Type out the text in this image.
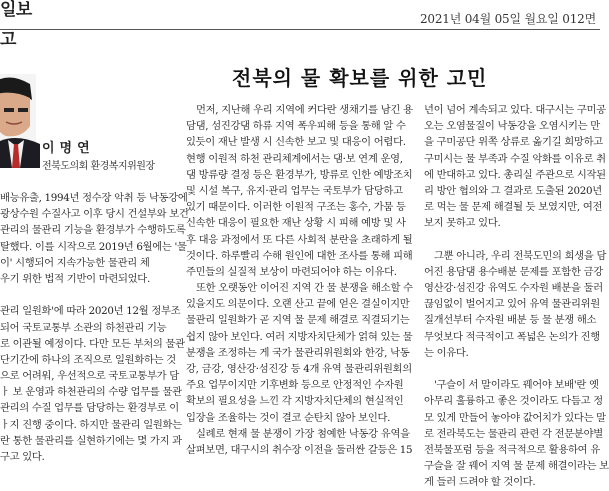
일보
고
2021년 04월 05일 월요일 012면
전북의 물 확보를 위한 고민
이명연
전북도의회 환경복지위원장
배능유출, 1994년 정수장 악취 등 낙동강에
광상수원 수질사고 이후 당시 건설부와 보건
관리의 물관리 기능을 환경부가 수행하도록
탈했다. 이를 시작으로 2019년 6월에는 '물
이' 시행되어 지속가능한 물관리 체
우기 위한 법적 기반이 마련되었다.
관리 일원화'에 따라 2020년 12월 정부조
되어 국토교통부 소관의 하천관리 기능
로 이관될 예정이다. 다만 모든 부처의 물관
단기간에 하나의 조직으로 일원화하는 것
으로 어려워, 우선적으로 국토교통부가 담
ㅏ 보 운영과 하천관리의 수량 업무를 물관
관리의 수질 업무를 담당하는 환경부로 이
ㅏ지 진행 중이다. 하지만 물관리 일원화는
란 통한 물관리를 실현하기에는 몇 가지 과
구고 있다.
　먼저, 지난해 우리 지역에 커다란 생채기를 남긴 용
담댐, 섬진강댐 하류 지역 폭우피해 등을 통해 알 수
있듯이 재난 발생 시 신속한 보고 및 대응이 어렵다.
현행 이원적 하천 관리체계에서는 댐·보 연계 운영,
댐 방류량 결정 등은 환경부가, 방류로 인한 예방조치
및 시설 복구, 유지·관리 업무는 국토부가 담당하고
있기 때문이다. 이러한 이원적 구조는 홍수, 가뭄 등
신속한 대응이 필요한 재난 상황 시 피해 예방 및 사
후 대응 과정에서 또 다른 사회적 분란을 초래하게 될
것이다. 하루빨리 수해 원인에 대한 조사를 통해 피해
주민들의 실질적 보상이 마련되어야 하는 이유다.
　또한 오랫동안 이어진 지역 간 물 분쟁을 해소할 수
있을지도 의문이다. 오랜 산고 끝에 얻은 결실이지만
물관리 일원화가 곧 지역 물 문제 해결로 직결되기는
쉽지 않아 보인다. 여러 지방자치단체가 얽혀 있는 물
분쟁을 조정하는 게 국가 물관리위원회와 한강, 낙동
강, 금강, 영산강·섬진강 등 4개 유역 물관리위원회의
주요 업무이지만 기후변화 등으로 안정적인 수자원
확보의 필요성을 느낀 각 지방자치단체의 현실적인
입장을 조율하는 것이 결코 순탄치 않아 보인다.
　실례로 현재 물 분쟁이 가장 첨예한 낙동강 유역을
살펴보면, 대구시의 취수장 이전을 둘러싼 갈등은 15
년이 넘어 계속되고 있다. 대구시는 구미공
오는 오염물질이 낙동강을 오염시키는 만
을 구미공단 위쪽 상류로 옮기길 희망하고
구미시는 물 부족과 수질 악화를 이유로 취
에 반대하고 있다. 총리실 주관으로 시작된
리 방안 협의와 그 결과로 도출된 2020년
로 먹는 물 문제 해결될 듯 보였지만, 여전
보지 못하고 있다.
　그뿐 아니라, 우리 전북도민의 희생을 담
어진 용담댐 용수배분 문제를 포함한 금강
영산강·섬진강 유역도 수자원 배분을 둘러
끊임없이 벌어지고 있어 유역 물관리위원
질개선부터 수자원 배분 등 물 분쟁 해소
무엇보다 적극적이고 폭넓은 논의가 진행
는 이유다.
　'구슬이 서 말이라도 꿰어야 보배'란 옛
아무리 훌륭하고 좋은 것이라도 다듬고 정
모 있게 만들어 놓아야 값어치가 있다는 말
로 전라북도는 물관리 관련 각 전문분야별
전북물포럼 등을 적극적으로 활용하여 유
구슬을 잘 꿰어 지역 물 문제 해결이라는 보
게 들러 드려야 할 것이다.
